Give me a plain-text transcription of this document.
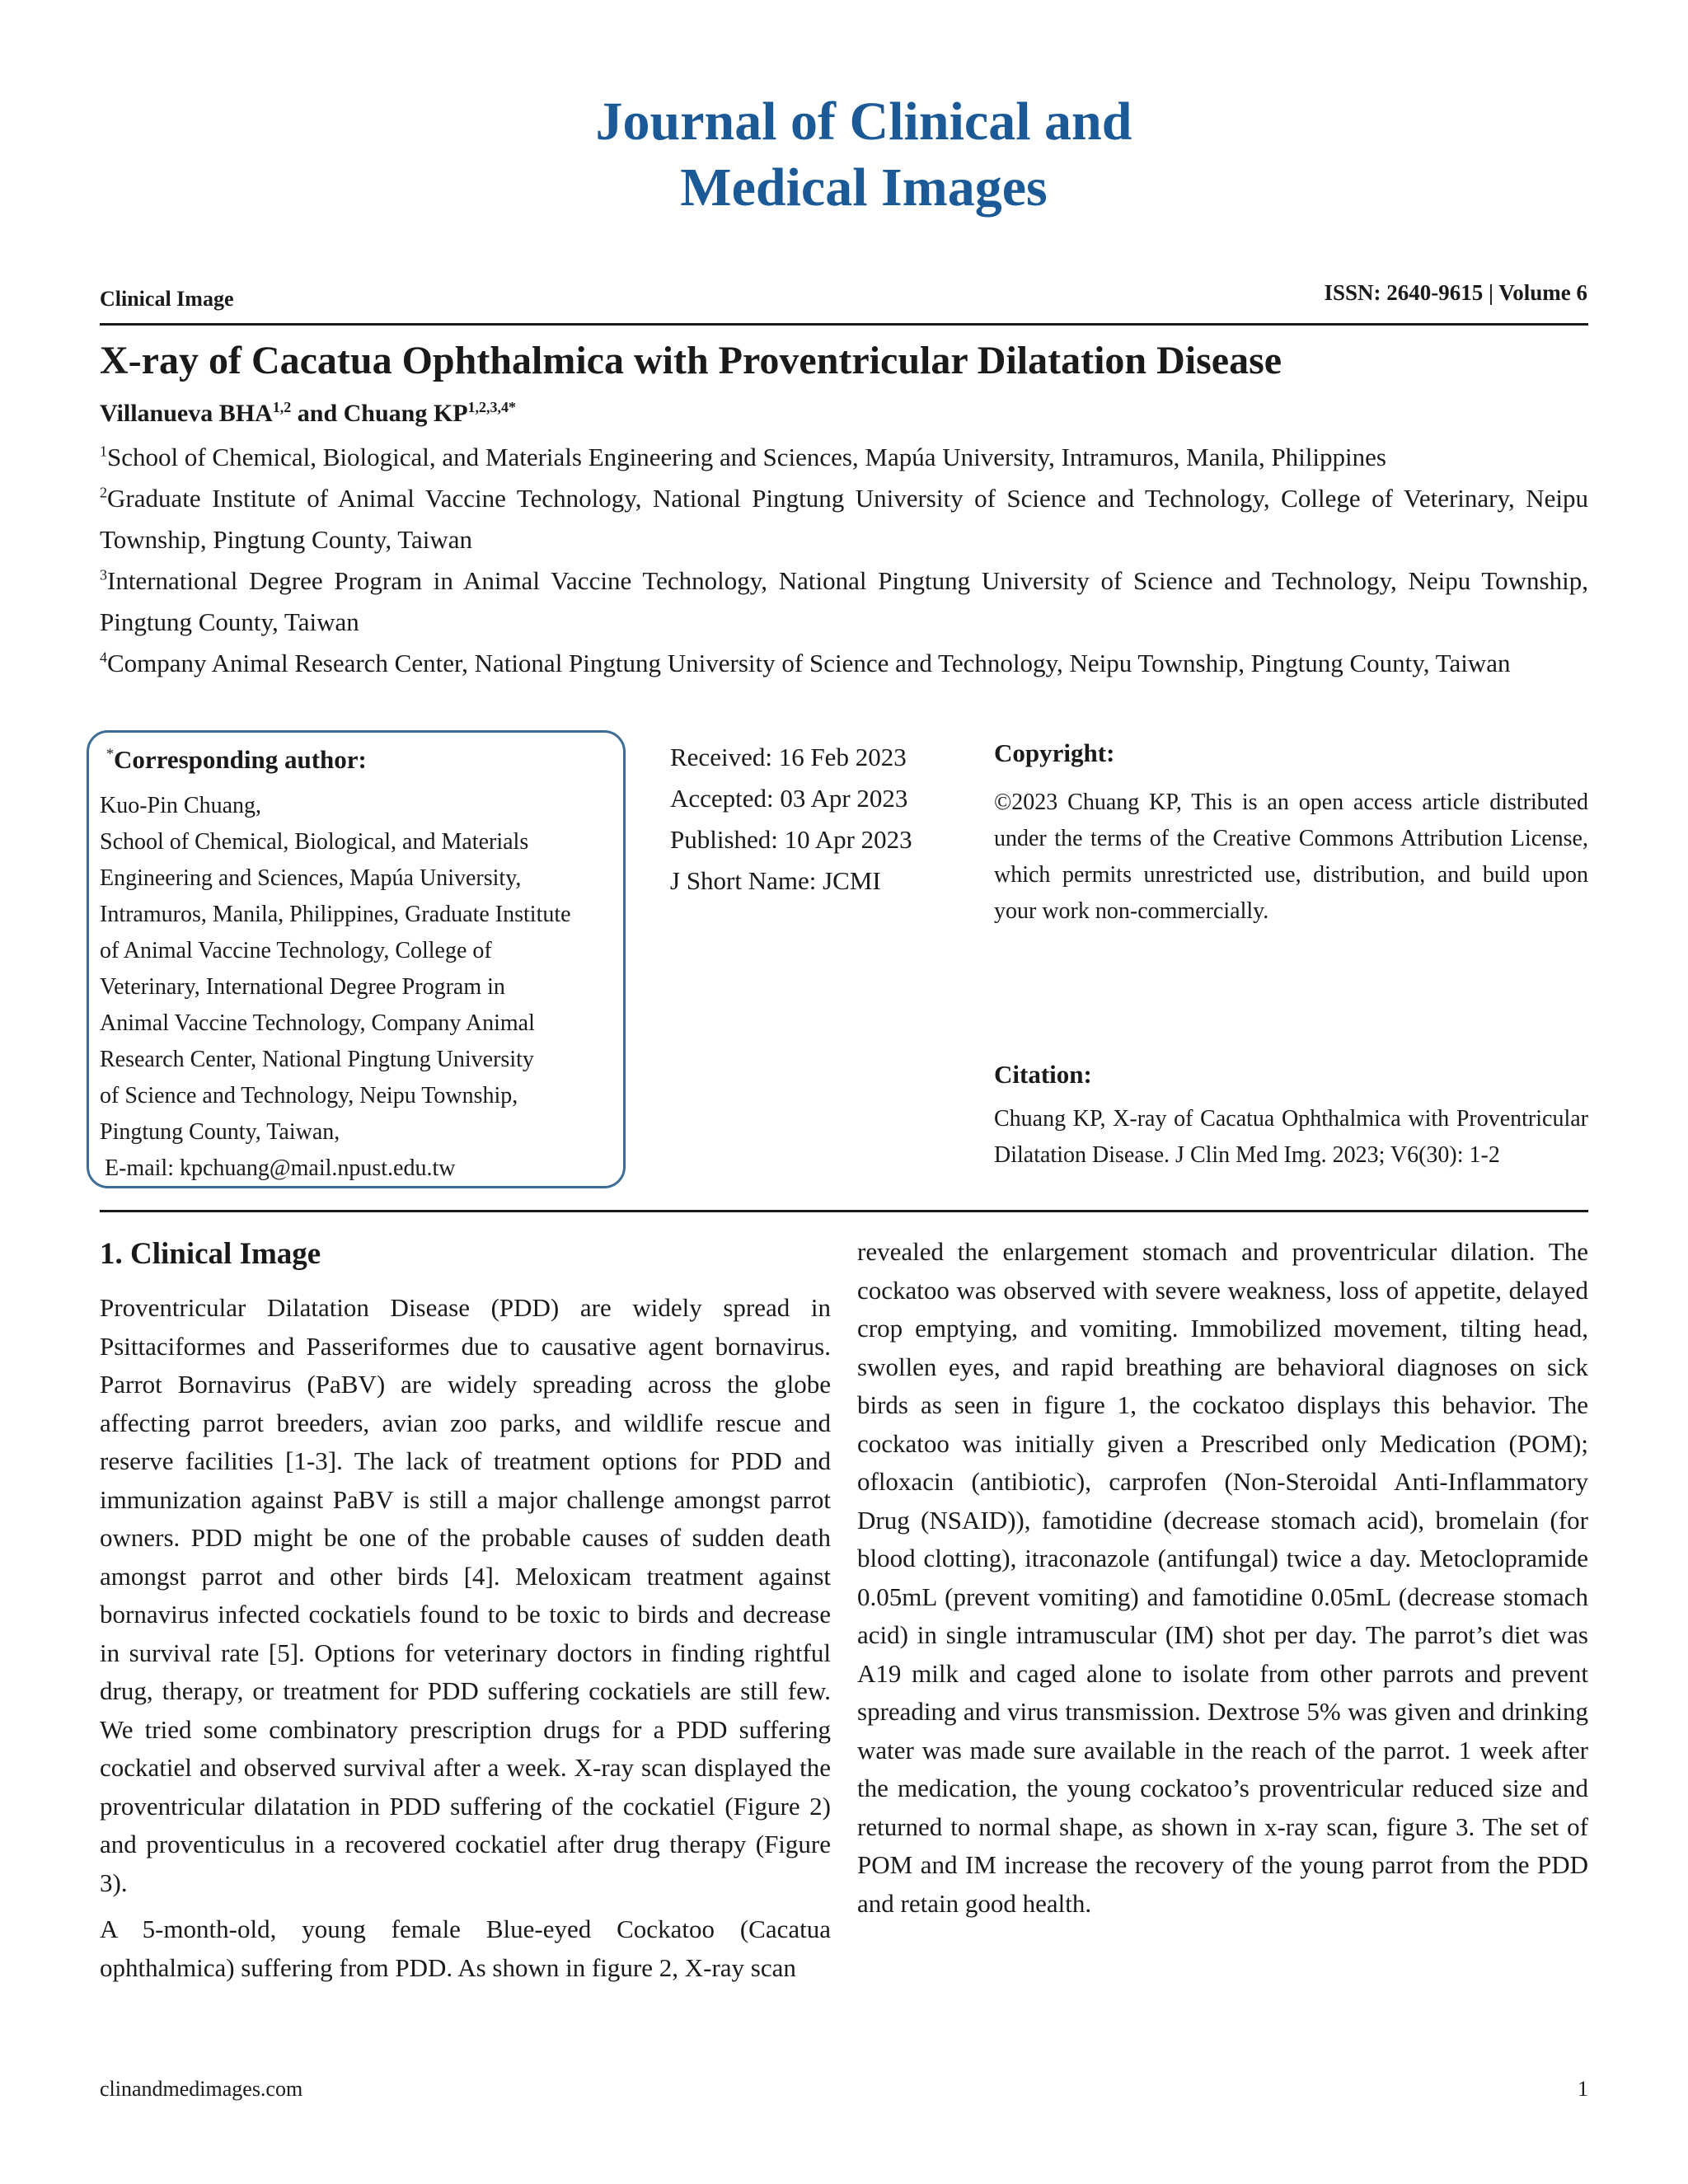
Journal of Clinical and
Medical Images
Clinical Image	ISSN: 2640-9615 | Volume 6
X-ray of Cacatua Ophthalmica with Proventricular Dilatation Disease
Villanueva BHA$^{1,2}$ and Chuang $KP^{1,2,3,4*}$

$^1$School of Chemical, Biological, and Materials Engineering and Sciences, Mapúa University, Intramuros, Manila, Philippines

$^2$Graduate Institute of Animal Vaccine Technology, National Pingtung University of Science and Technology, College of Veterinary, Neipu Township, Pingtung County, Taiwan

$^3$International Degree Program in Animal Vaccine Technology, National Pingtung University of Science and Technology, Neipu Township, Pingtung County, Taiwan

$^4$Company Animal Research Center, National Pingtung University of Science and Technology, Neipu Township, Pingtung County, Taiwan

*Corresponding author:
Kuo-Pin Chuang,
School of Chemical, Biological, and Materials
Engineering and Sciences, Mapúa University,
Intramuros, Manila, Philippines, Graduate Institute
of Animal Vaccine Technology, College of
Veterinary, International Degree Program in
Animal Vaccine Technology, Company Animal
Research Center, National Pingtung University
of Science and Technology, Neipu Township,
Pingtung County, Taiwan,
E-mail: kpchuang@mail.npust.edu.tw
Received: 16 Feb 2023
Accepted: 03 Apr 2023
Published: 10 Apr 2023
J Short Name: JCMI
Copyright:
©2023 Chuang KP, This is an open access article distributed under the terms of the Creative Commons Attribution License, which permits unrestricted use, distribution, and build upon your work non-commercially.
Citation:
Chuang KP, X-ray of Cacatua Ophthalmica with Proventricular Dilatation Disease. J Clin Med Img. 2023; V6(30): 1-2
1. Clinical Image

Proventricular Dilatation Disease (PDD) are widely spread in Psittaciformes and Passeriformes due to causative agent bornavirus. Parrot Bornavirus (PaBV) are widely spreading across the globe affecting parrot breeders, avian zoo parks, and wildlife rescue and reserve facilities [1-3]. The lack of treatment options for PDD and immunization against PaBV is still a major challenge amongst parrot owners. PDD might be one of the probable causes of sudden death amongst parrot and other birds [4]. Meloxicam treatment against bornavirus infected cockatiels found to be toxic to birds and decrease in survival rate [5]. Options for veterinary doctors in finding rightful drug, therapy, or treatment for PDD suffering cockatiels are still few. We tried some combinatory prescription drugs for a PDD suffering cockatiel and observed survival after a week. X-ray scan displayed the proventricular dilatation in PDD suffering of the cockatiel (Figure 2) and proventiculus in a recovered cockatiel after drug therapy (Figure 3).

A 5-month-old, young female Blue-eyed Cockatoo (Cacatua ophthalmica) suffering from PDD. As shown in figure 2, X-ray scan

revealed the enlargement stomach and proventricular dilation. The cockatoo was observed with severe weakness, loss of appetite, delayed crop emptying, and vomiting. Immobilized movement, tilting head, swollen eyes, and rapid breathing are behavioral diagnoses on sick birds as seen in figure 1, the cockatoo displays this behavior. The cockatoo was initially given a Prescribed only Medication (POM); ofloxacin (antibiotic), carprofen (Non-Steroidal Anti-Inflammatory Drug (NSAID)), famotidine (decrease stomach acid), bromelain (for blood clotting), itraconazole (antifungal) twice a day. Metoclopramide 0.05mL (prevent vomiting) and famotidine 0.05mL (decrease stomach acid) in single intramuscular (IM) shot per day. The parrot’s diet was A19 milk and caged alone to isolate from other parrots and prevent spreading and virus transmission. Dextrose 5% was given and drinking water was made sure available in the reach of the parrot. 1 week after the medication, the young cockatoo’s proventricular reduced size and returned to normal shape, as shown in x-ray scan, figure 3. The set of POM and IM increase the recovery of the young parrot from the PDD and retain good health.

clinandmedimages.com	1
